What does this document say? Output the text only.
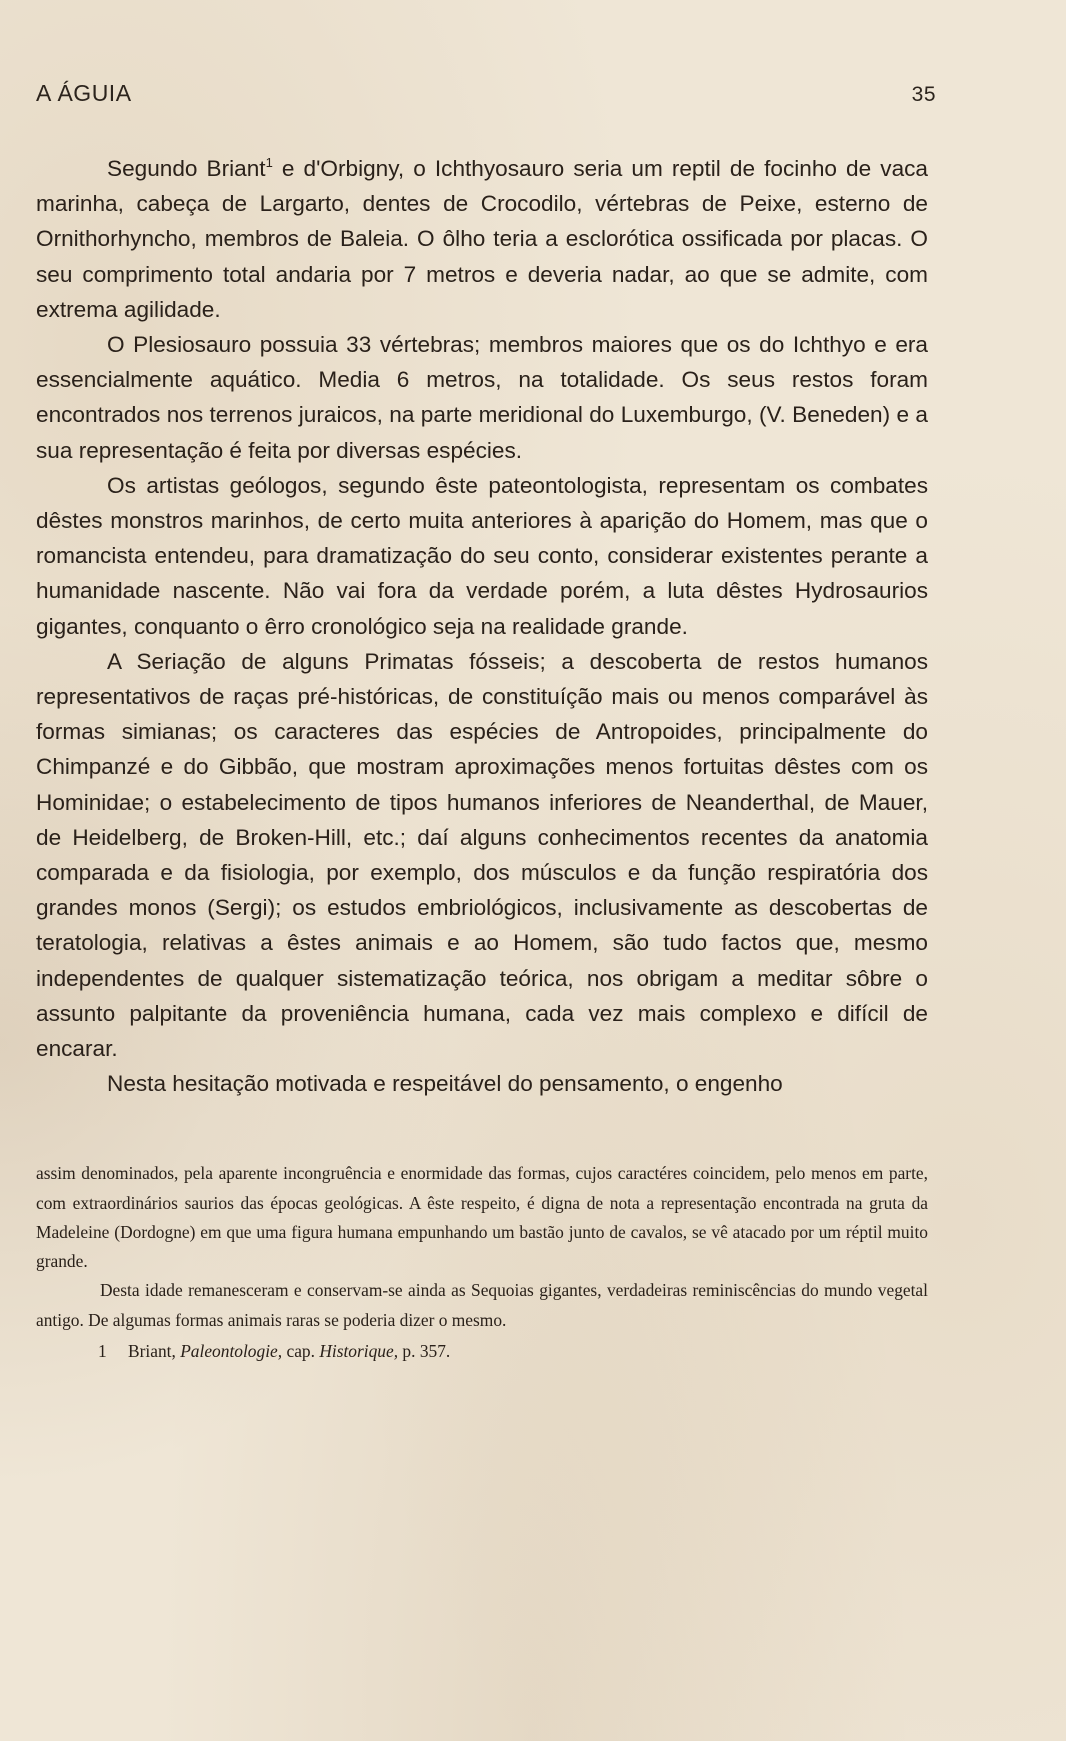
A ÁGUIA	35

Segundo Briant$^1$ e d'Orbigny, o Ichthyosauro seria um reptil de focinho de vaca marinha, cabeça de Largarto, dentes de Crocodilo, vértebras de Peixe, esterno de Ornithorhyncho, membros de Baleia. O ôlho teria a esclorótica ossificada por placas. O seu comprimento total andaria por 7 metros e deveria nadar, ao que se admite, com extrema agilidade.

O Plesiosauro possuia 33 vértebras; membros maiores que os do Ichthyo e era essencialmente aquático. Media 6 metros, na totalidade. Os seus restos foram encontrados nos terrenos juraicos, na parte meridional do Luxemburgo, (V. Beneden) e a sua representação é feita por diversas espécies.

Os artistas geólogos, segundo êste pateontologista, representam os combates dêstes monstros marinhos, de certo muita anteriores à aparição do Homem, mas que o romancista entendeu, para dramatização do seu conto, considerar existentes perante a humanidade nascente. Não vai fora da verdade porém, a luta dêstes Hydrosaurios gigantes, conquanto o êrro cronológico seja na realidade grande.

A Seriação de alguns Primatas fósseis; a descoberta de restos humanos representativos de raças pré-históricas, de constituíção mais ou menos comparável às formas simianas; os caracteres das espécies de Antropoides, principalmente do Chimpanzé e do Gibbão, que mostram aproximações menos fortuitas dêstes com os Hominidae; o estabelecimento de tipos humanos inferiores de Neanderthal, de Mauer, de Heidelberg, de Broken-Hill, etc.; daí alguns conhecimentos recentes da anatomia comparada e da fisiologia, por exemplo, dos músculos e da função respiratória dos grandes monos (Sergi); os estudos embriológicos, inclusivamente as descobertas de teratologia, relativas a êstes animais e ao Homem, são tudo factos que, mesmo independentes de qualquer sistematização teórica, nos obrigam a meditar sôbre o assunto palpitante da proveniência humana, cada vez mais complexo e difícil de encarar.

Nesta hesitação motivada e respeitável do pensamento, o engenho

assim denominados, pela aparente incongruência e enormidade das formas, cujos caractéres coincidem, pelo menos em parte, com extraordinários saurios das épocas geológicas. A êste respeito, é digna de nota a representação encontrada na gruta da Madeleine (Dordogne) em que uma figura humana empunhando um bastão junto de cavalos, se vê atacado por um réptil muito grande.

Desta idade remanesceram e conservam-se ainda as Sequoias gigantes, verdadeiras reminiscências do mundo vegetal antigo. De algumas formas animais raras se poderia dizer o mesmo.

1 Briant, Paleontologie, cap. Historique, p. 357.
